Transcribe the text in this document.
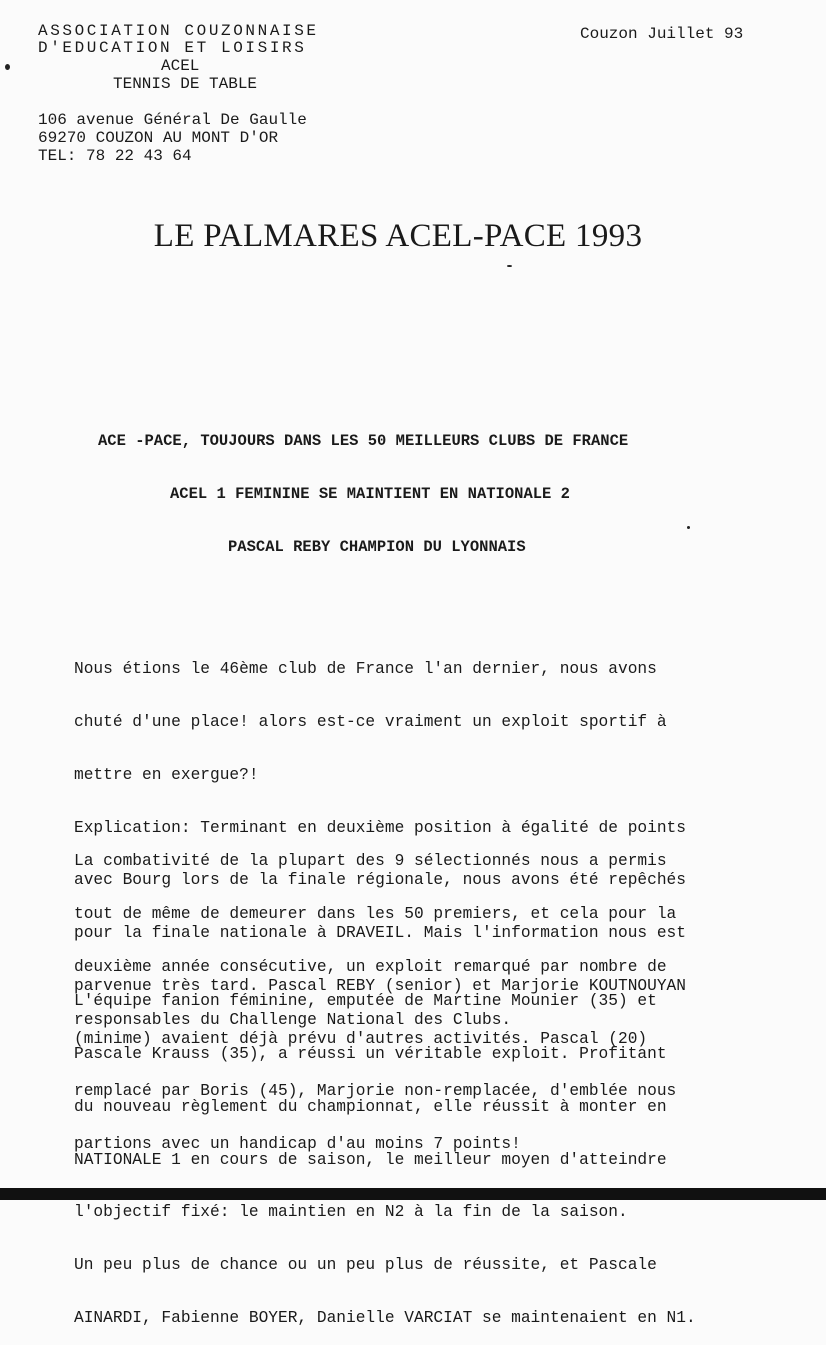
ASSOCIATION COUZONNAISE
D'EDUCATION ET LOISIRS
ACEL
TENNIS DE TABLE
Couzon Juillet 93
106 avenue Général De Gaulle
69270 COUZON AU MONT D'OR
TEL: 78 22 43 64
LE PALMARES ACEL-PACE 1993
ACE -PACE, TOUJOURS DANS LES 50 MEILLEURS CLUBS DE FRANCE
ACEL 1 FEMININE SE MAINTIENT EN NATIONALE 2
PASCAL REBY CHAMPION DU LYONNAIS

Nous étions le 46ème club de France l'an dernier, nous avons

chuté d'une place! alors est-ce vraiment un exploit sportif à

mettre en exergue?!

Explication: Terminant en deuxième position à égalité de points

avec Bourg lors de la finale régionale, nous avons été repêchés

pour la finale nationale à DRAVEIL. Mais l'information nous est

parvenue très tard. Pascal REBY (senior) et Marjorie KOUTNOUYAN

(minime) avaient déjà prévu d'autres activités. Pascal (20)

remplacé par Boris (45), Marjorie non-remplacée, d'emblée nous

partions avec un handicap d'au moins 7 points!

La combativité de la plupart des 9 sélectionnés nous a permis

tout de même de demeurer dans les 50 premiers, et cela pour la

deuxième année consécutive, un exploit remarqué par nombre de

responsables du Challenge National des Clubs.

L'équipe fanion féminine, emputée de Martine Mounier (35) et

Pascale Krauss (35), a réussi un véritable exploit. Profitant

du nouveau règlement du championnat, elle réussit à monter en

NATIONALE 1 en cours de saison, le meilleur moyen d'atteindre

l'objectif fixé: le maintien en N2 à la fin de la saison.

Un peu plus de chance ou un peu plus de réussite, et Pascale

AINARDI, Fabienne BOYER, Danielle VARCIAT se maintenaient en N1.
